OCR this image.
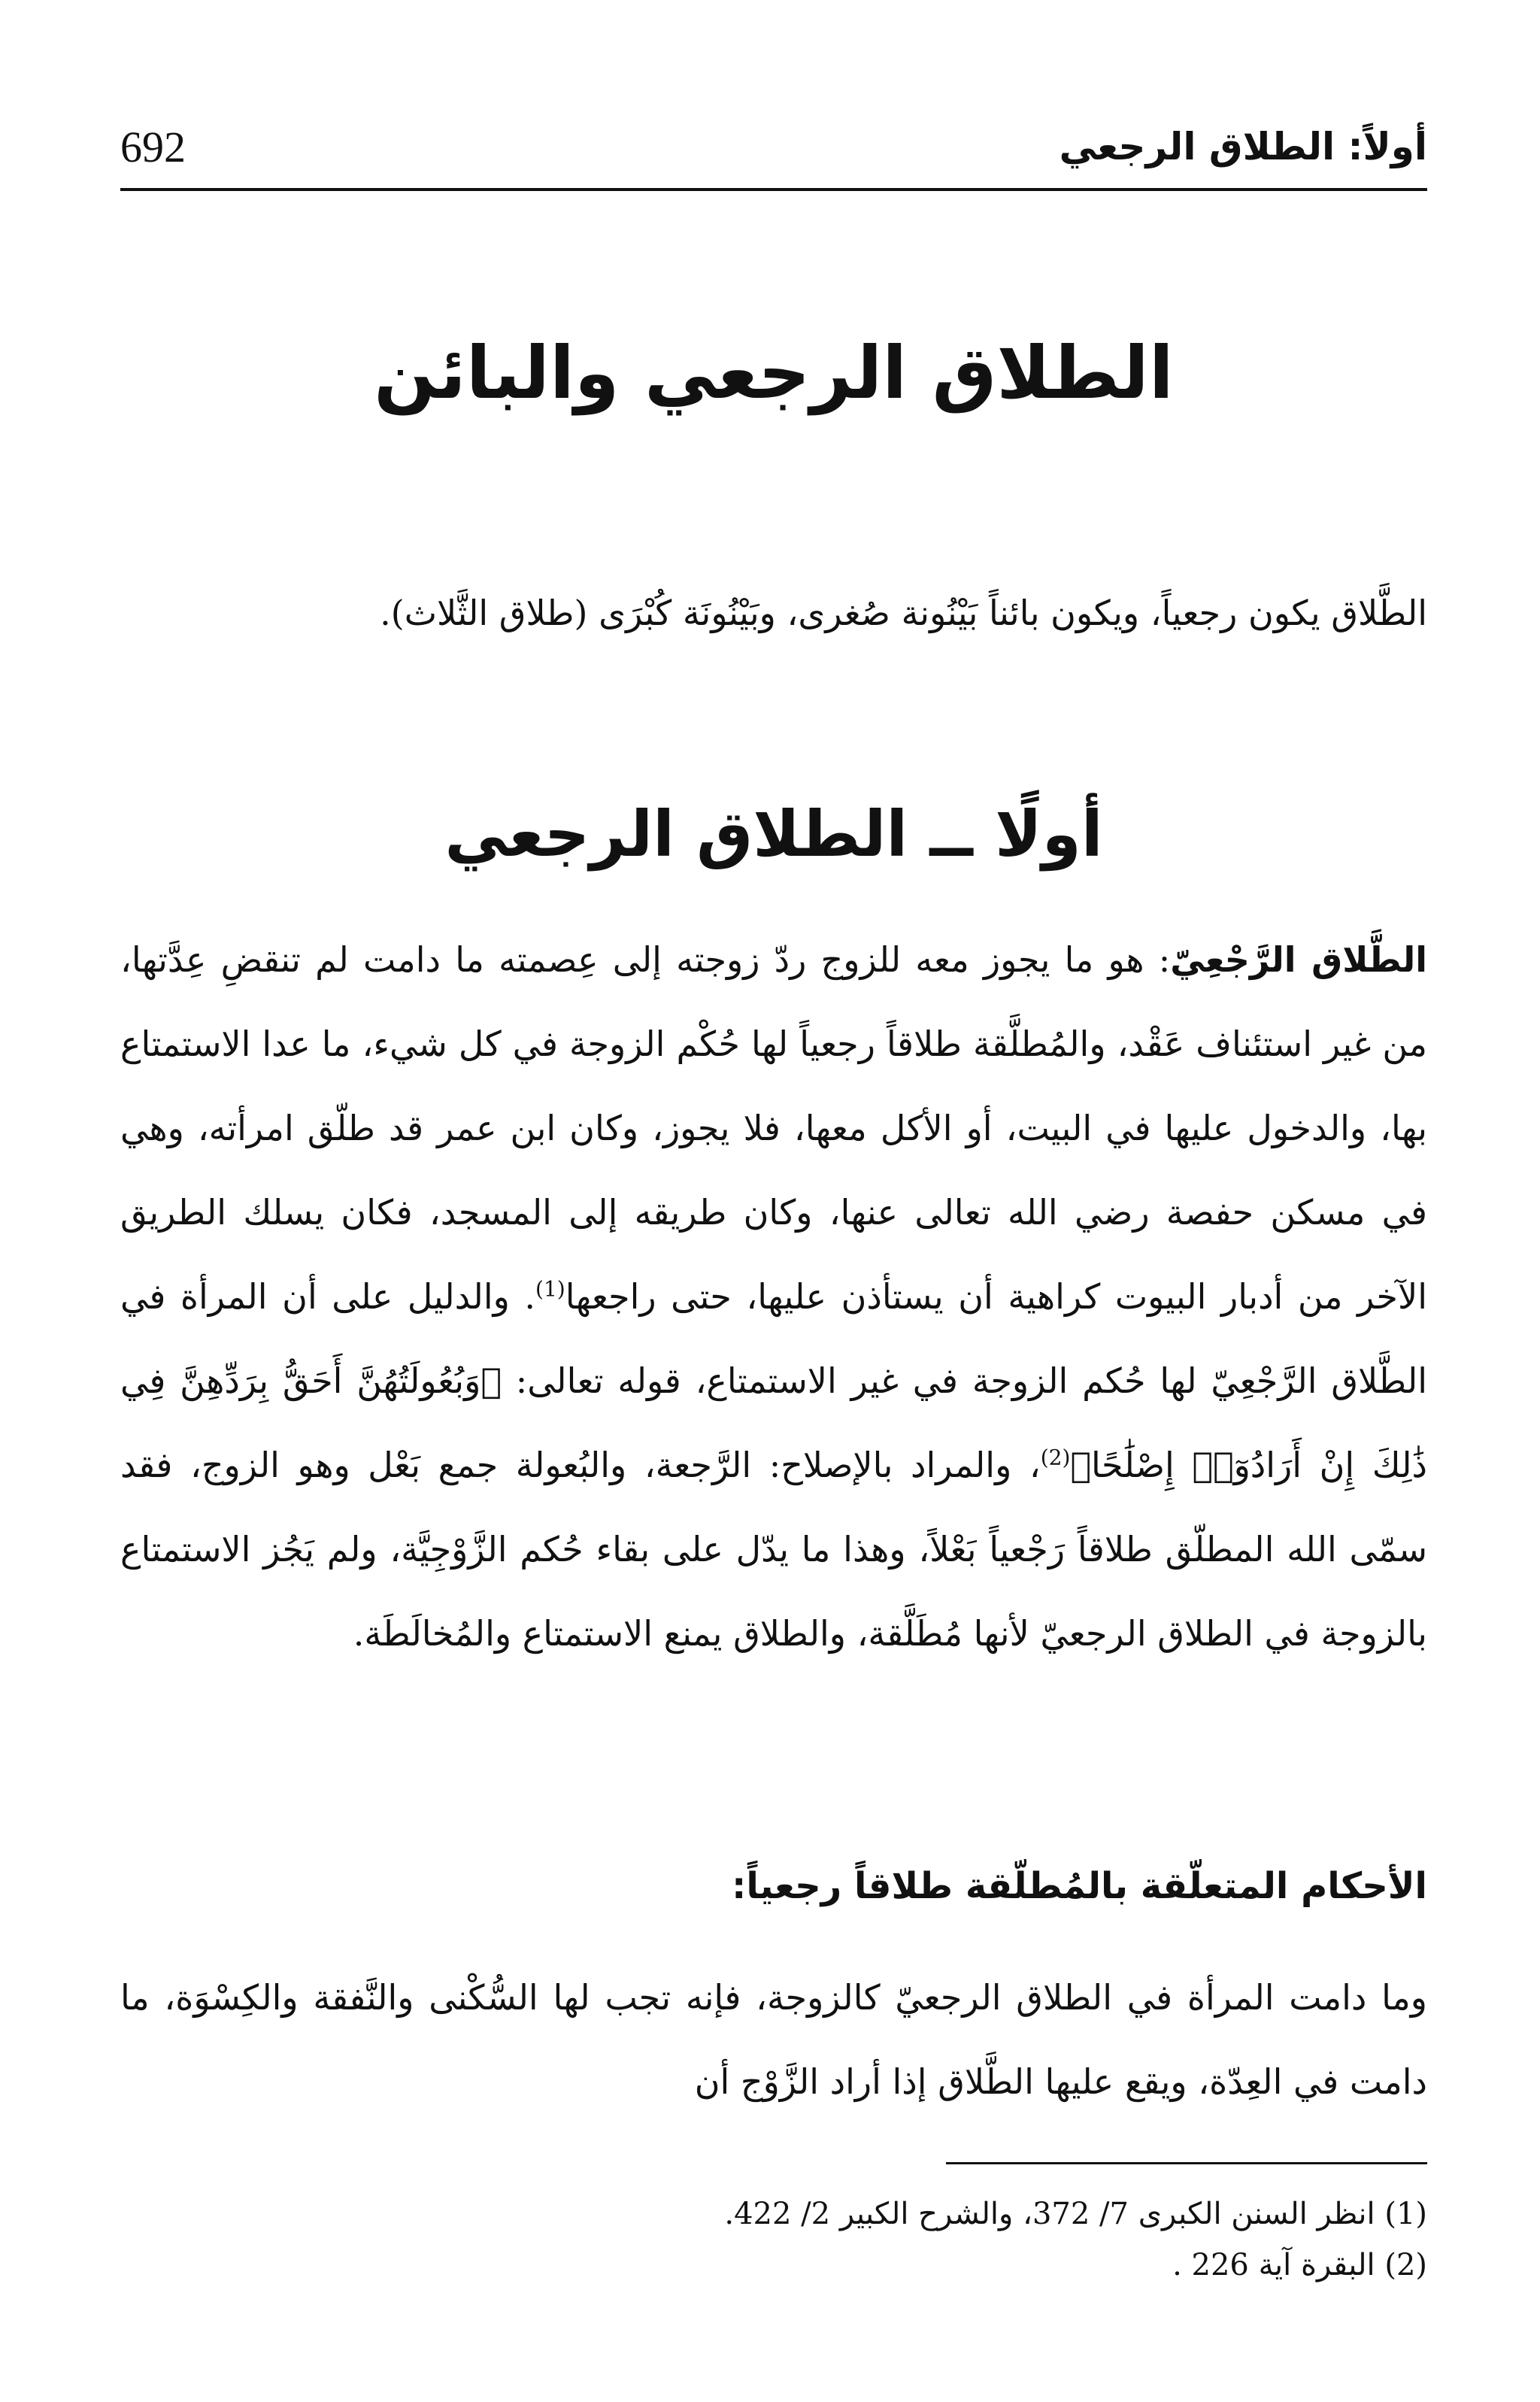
692	أولاً: الطلاق الرجعي
الطلاق الرجعي والبائن

الطَّلاق يكون رجعياً، ويكون بائناً بَيْنُونة صُغرى، وبَيْنُونَة كُبْرَى (طلاق الثَّلاث).

أولًا ــ الطلاق الرجعي

الطَّلاق الرَّجْعِيّ: هو ما يجوز معه للزوج ردّ زوجته إلى عِصمته ما دامت لم تنقضِ عِدَّتها، من غير استئناف عَقْد، والمُطلَّقة طلاقاً رجعياً لها حُكْم الزوجة في كل شيء، ما عدا الاستمتاع بها، والدخول عليها في البيت، أو الأكل معها، فلا يجوز، وكان ابن عمر قد طلّق امرأته، وهي في مسكن حفصة رضي الله تعالى عنها، وكان طريقه إلى المسجد، فكان يسلك الطريق الآخر من أدبار البيوت كراهية أن يستأذن عليها، حتى راجعها$^{(1)}$. والدليل على أن المرأة في الطَّلاق الرَّجْعِيّ لها حُكم الزوجة في غير الاستمتاع، قوله تعالى: ﴿وَبُعُولَتُهُنَّ أَحَقُّ بِرَدِّهِنَّ فِي ذَٰلِكَ إِنْ أَرَادُوٓا۟ إِصْلَٰحًا﴾$^{(2)}$، والمراد بالإصلاح: الرَّجعة، والبُعولة جمع بَعْل وهو الزوج، فقد سمّى الله المطلّق طلاقاً رَجْعياً بَعْلاً، وهذا ما يدّل على بقاء حُكم الزَّوْجِيَّة، ولم يَجُز الاستمتاع بالزوجة في الطلاق الرجعيّ لأنها مُطَلَّقة، والطلاق يمنع الاستمتاع والمُخالَطَة.

الأحكام المتعلّقة بالمُطلّقة طلاقاً رجعياً:

وما دامت المرأة في الطلاق الرجعيّ كالزوجة، فإنه تجب لها السُّكْنى والنَّفقة والكِسْوَة، ما دامت في العِدّة، ويقع عليها الطَّلاق إذا أراد الزَّوْج أن

(1) انظر السنن الكبرى 7/ 372، والشرح الكبير 2/ 422.
(2) البقرة آية 226 .
